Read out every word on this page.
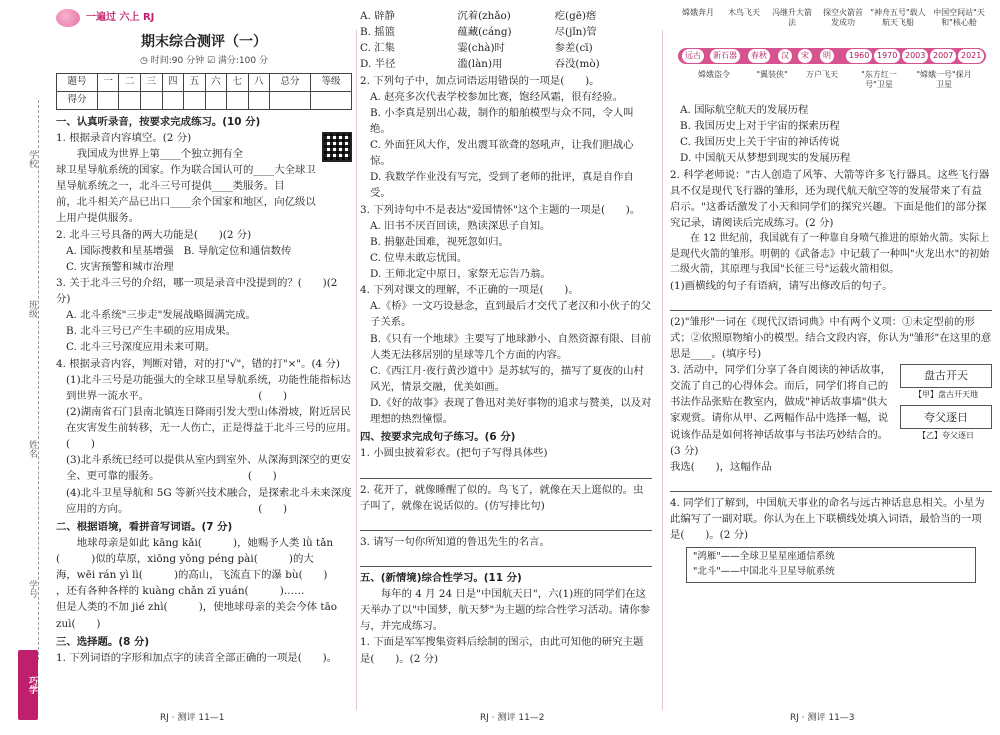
学校
班级
姓名
学号
巧学
一遍过 六上 RJ
期末综合测评（一）
◷ 时间:90 分钟 ☑ 满分:100 分
题号	一	二	三	四	五	六	七	八	总分	等级
得分										
一、认真听录音，按要求完成练习。(10 分)
1. 根据录音内容填空。(2 分)
我国成为世界上第____个独立拥有全
球卫星导航系统的国家。作为联合国认可的____大全球卫
星导航系统之一，北斗三号可提供____类服务。目
前，北斗相关产品已出口____余个国家和地区，向亿级以
上用户提供服务。
2. 北斗三号具备的两大功能是(　　)(2 分)
A. 国际搜救和星基增强 B. 导航定位和通信数传
C. 灾害预警和城市治理
3. 关于北斗三号的介绍，哪一项是录音中没提到的？(　　)(2 分)
A. 北斗系统"三步走"发展战略圆满完成。
B. 北斗三号已产生丰硕的应用成果。
C. 北斗三号深度应用未来可期。
4. 根据录音内容，判断对错，对的打"√"，错的打"×"。(4 分)
(1)北斗三号是功能强大的全球卫星导航系统，功能性能指标达到世界一流水平。　　　　　　　　　　　(　　)
(2)湖南省石门县南北镇连日降雨引发大型山体滑坡，附近居民在灾害发生前转移，无一人伤亡，正是得益于北斗三号的应用。　　　　　　　　　　　　　　　(　　)
(3)北斗系统已经可以提供从室内到室外、从深海到深空的更安全、更可靠的服务。　　　　　　　　　(　　)
(4)北斗卫星导航和 5G 等新兴技术融合，是探索北斗未来深度应用的方向。　　　　　　　　　　　　　(　　)
二、根据语境，看拼音写词语。(7 分)
地球母亲是如此 kāng kǎi(　　　)，她赐予人类 lǜ tǎn
(　　　)似的草原，xiōng yǒng péng pài(　　　)的大
海，wēi rán yì lì(　　　)的高山，飞流直下的瀑 bù(　　)
，还有各种各样的 kuàng chǎn zī yuán(　　　)……
但是人类的不加 jié zhì(　　　)，使地球母亲的美会今体 tāo zuì(　　)
三、选择题。(8 分)
1. 下列词语的字形和加点字的读音全部正确的一项是(　　)。
RJ · 测评 11—1
A. 辟静	沉着(zhǎo)	疙(gē)瘩
B. 摇篮	蕴藏(cáng)	尽(jǐn)管
C. 汇集	霎(chà)时	参差(cī)
D. 半径	滥(làn)用	吞没(mò)
2. 下列句子中，加点词语运用错误的一项是(　　)。
A. 赵亮多次代表学校参加比赛，饱经风霜，很有经验。
B. 小李真是别出心裁，制作的船舶模型与众不同，令人叫绝。
C. 外面狂风大作，发出震耳欲聋的怒吼声，让我们胆战心惊。
D. 我数学作业没有写完，受到了老师的批评，真是自作自受。
3. 下列诗句中不是表达"爱国情怀"这个主题的一项是(　　)。
A. 旧书不厌百回读，熟读深思子自知。
B. 捐躯赴国难，视死忽如归。
C. 位卑未敢忘忧国。
D. 王师北定中原日，家祭无忘告乃翁。
4. 下列对课文的理解，不正确的一项是(　　)。
A.《桥》一文巧设悬念，直到最后才交代了老汉和小伙子的父子关系。
B.《只有一个地球》主要写了地球渺小、自然资源有限、目前人类无法移居别的星球等几个方面的内容。
C.《西江月·夜行黄沙道中》是苏轼写的，描写了夏夜的山村风光，情景交融，优美如画。
D.《好的故事》表现了鲁迅对美好事物的追求与赞美，以及对理想的热烈憧憬。
四、按要求完成句子练习。(6 分)
1. 小圆虫披着彩衣。(把句子写得具体些)
2. 花开了，就像睡醒了似的。鸟飞了，就像在天上逛似的。虫子叫了，就像在说话似的。(仿写排比句)
3. 请写一句你所知道的鲁迅先生的名言。
五、(新情境)综合性学习。(11 分)
每年的 4 月 24 日是"中国航天日"，六(1)班的同学们在这天举办了以"中国梦，航天梦"为主题的综合性学习活动。请你参与，并完成练习。
1. 下面是军军搜集资料后绘制的图示，由此可知他的研究主题是(　　)。(2 分)
RJ · 测评 11—2
嫦娥奔月	木鸟飞天	冯继升大箭法
探空火箭首发成功
"神舟五号"载人航天飞船
中国空间站"天和"核心舱
远古	新石器	春秋	汉	宋	明	1960 1970 2003 2007 2021
嫦娥盗令	"翼装侠"	万户飞天	"东方红一号"卫星
"嫦娥一号"探月卫星
A. 国际航空航天的发展历程
B. 我国历史上对于宇宙的探索历程
C. 我国历史上关于宇宙的神话传说
D. 中国航天从梦想到现实的发展历程
2. 科学老师说："古人创造了风筝、大箭等许多飞行器具。这些飞行器具不仅是现代飞行器的雏形，还为现代航天航空等的发展带来了有益启示。"这番话激发了小天和同学们的探究兴趣。下面是他们的部分探究记录，请阅读后完成练习。(2 分)
在 12 世纪前，我国就有了一种靠自身喷气推进的原始火箭。实际上是现代火箭的雏形。明朝的《武备志》中记载了一种叫"火龙出水"的初始二级火箭，其原理与我国"长征三号"运载火箭相似。
(1)画横线的句子有语病，请写出修改后的句子。
(2)"雏形"一词在《现代汉语词典》中有两个义项：①未定型前的形式；②依照原物缩小的模型。结合文段内容，你认为"雏形"在这里的意思是____。(填序号)
盘古开天
【甲】盘古开天地
夸父逐日
【乙】夸父逐日
3. 活动中，同学们分享了各自阅读的神话故事，交流了自己的心得体会。而后，同学们将自己的书法作品张贴在教室内，做成"神话故事墙"供大家观赏。请你从甲、乙两幅作品中选择一幅，说说该作品是如何将神话故事与书法巧妙结合的。(3 分)
我选(　　)，这幅作品
4. 同学们了解到，中国航天事业的命名与远古神话息息相关。小星为此编写了一副对联。你认为在上下联横线处填入词语，最恰当的一项是(　　)。(2 分)
"鸿雁"——全球卫星星座通信系统
"北斗"——中国北斗卫星导航系统
RJ · 测评 11—3
